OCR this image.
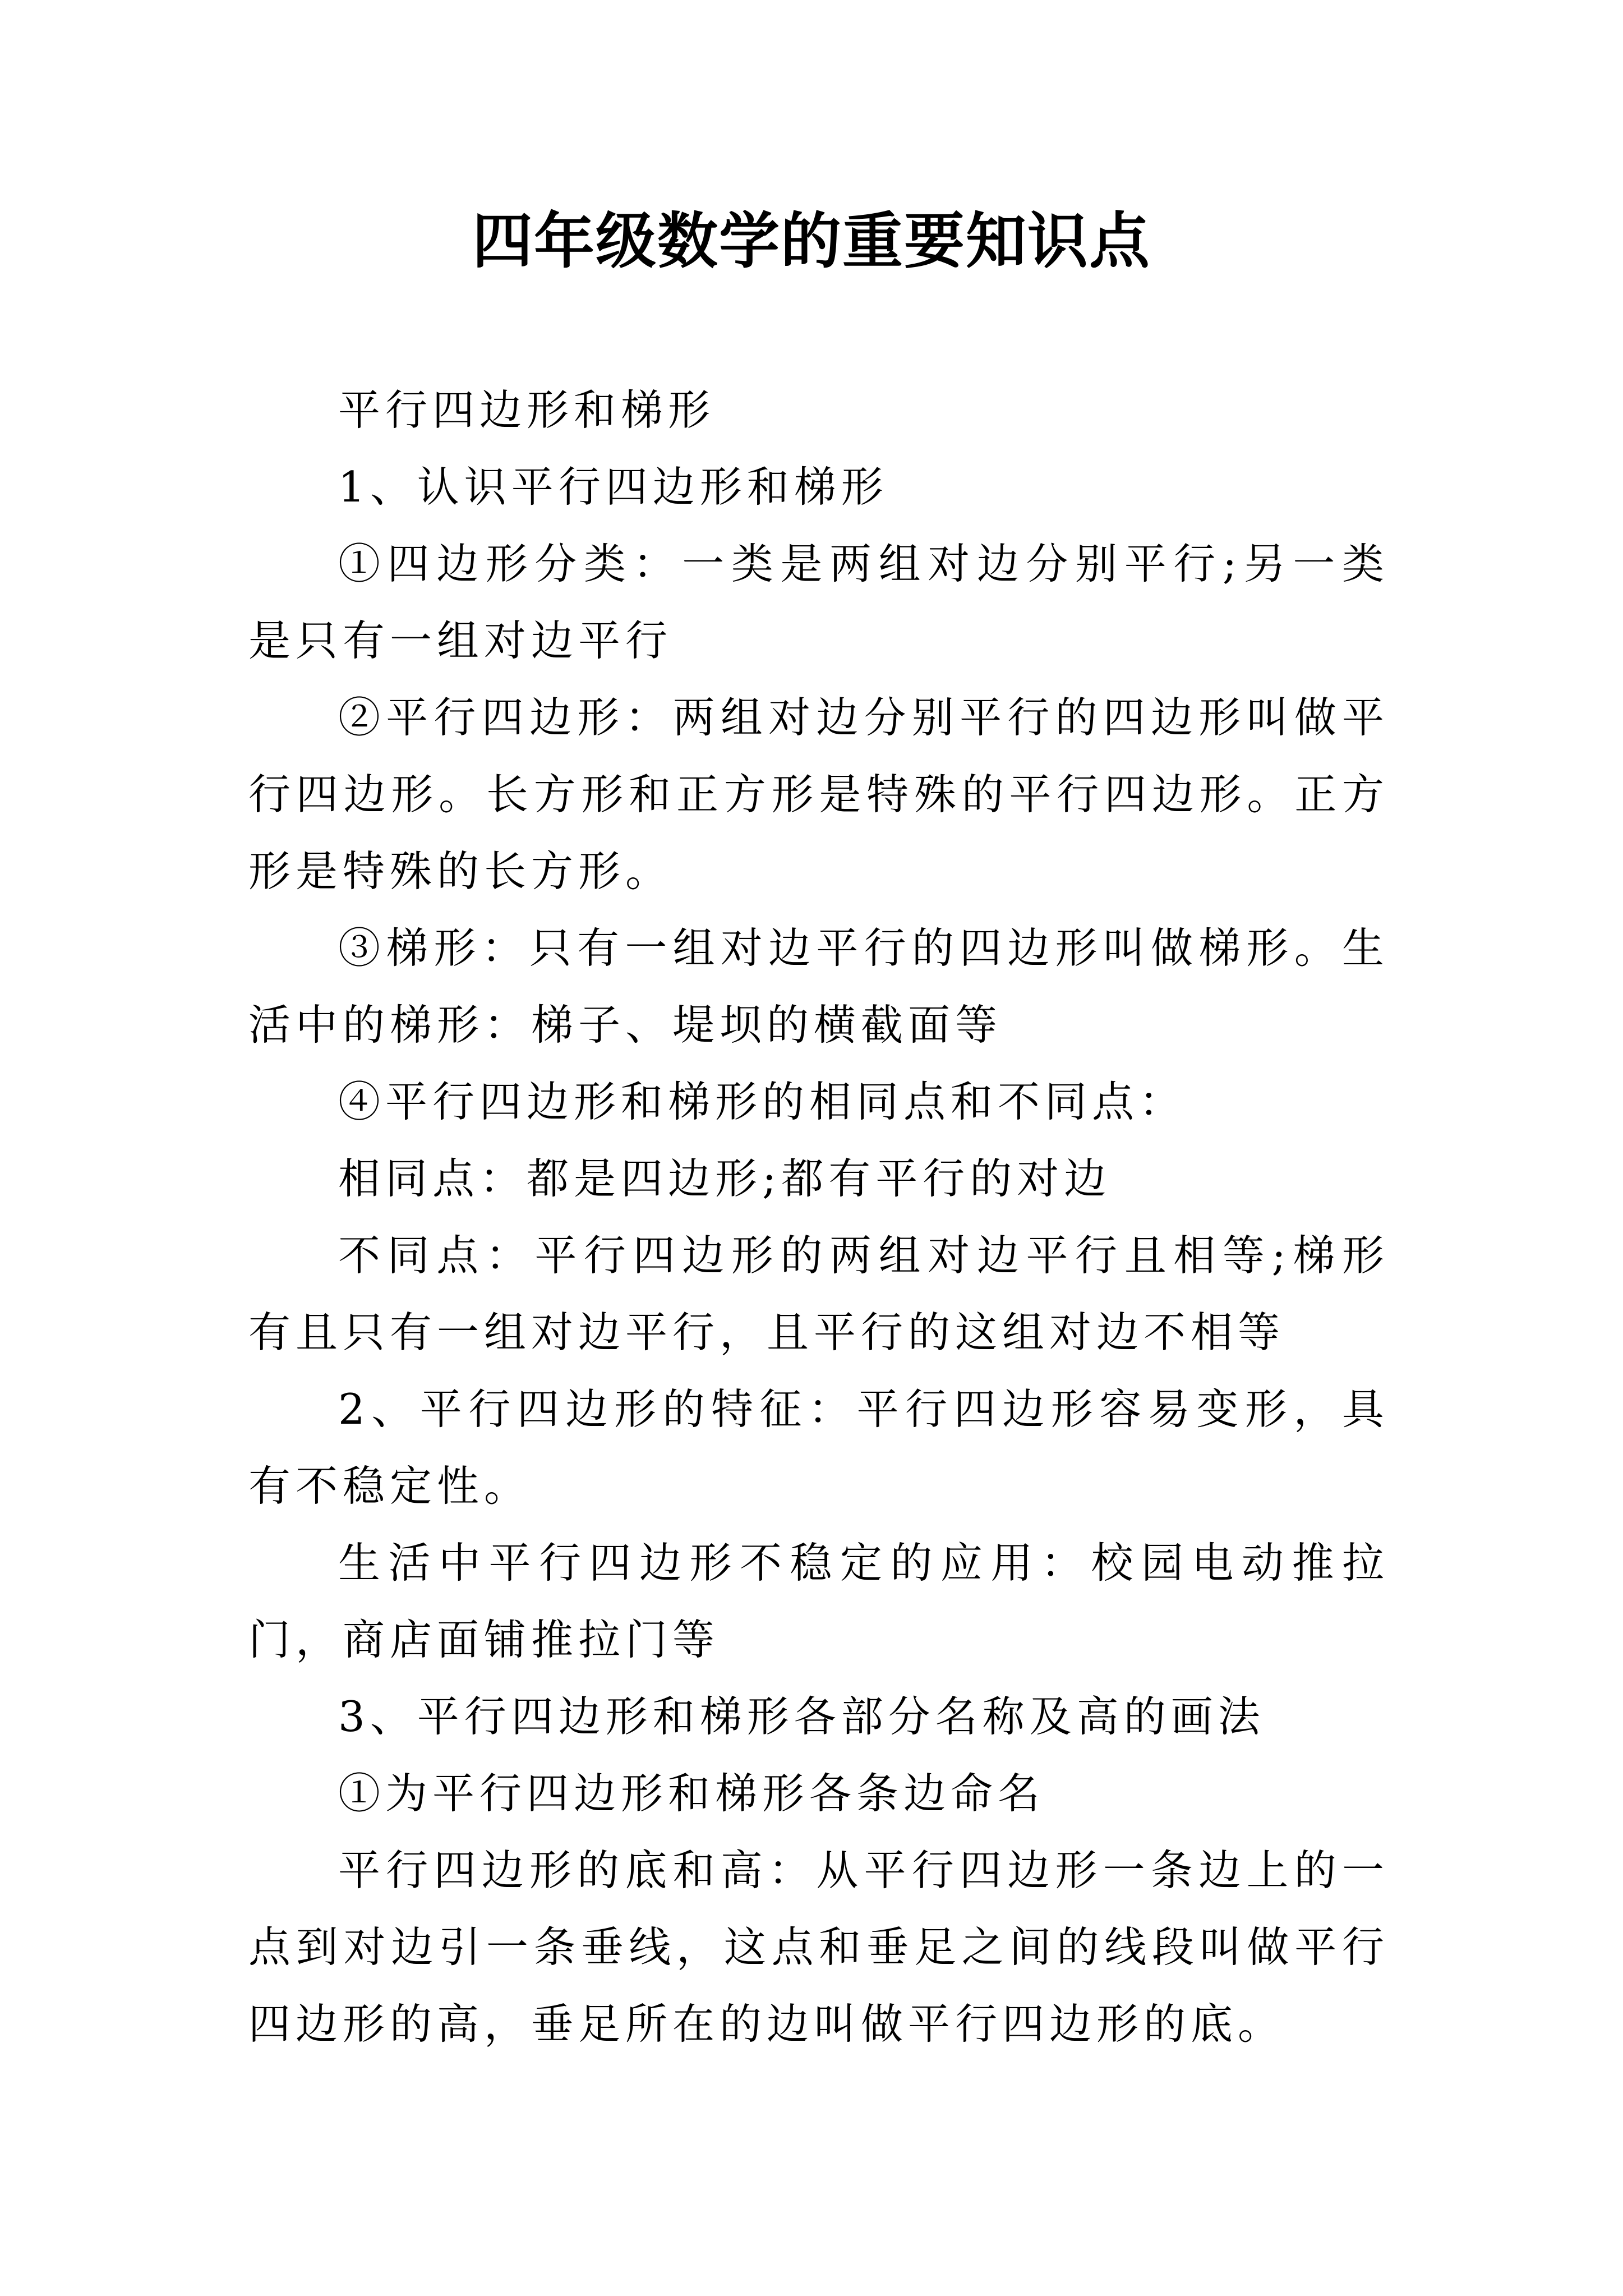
四年级数学的重要知识点

平行四边形和梯形

1、认识平行四边形和梯形

①四边形分类：一类是两组对边分别平行;另一类是只有一组对边平行

②平行四边形：两组对边分别平行的四边形叫做平行四边形。长方形和正方形是特殊的平行四边形。正方形是特殊的长方形。

③梯形：只有一组对边平行的四边形叫做梯形。生活中的梯形：梯子、堤坝的横截面等

④平行四边形和梯形的相同点和不同点：

相同点：都是四边形;都有平行的对边

不同点：平行四边形的两组对边平行且相等;梯形有且只有一组对边平行，且平行的这组对边不相等

2、平行四边形的特征：平行四边形容易变形，具有不稳定性。

生活中平行四边形不稳定的应用：校园电动推拉门，商店面铺推拉门等

3、平行四边形和梯形各部分名称及高的画法

①为平行四边形和梯形各条边命名

平行四边形的底和高：从平行四边形一条边上的一点到对边引一条垂线，这点和垂足之间的线段叫做平行四边形的高，垂足所在的边叫做平行四边形的底。
